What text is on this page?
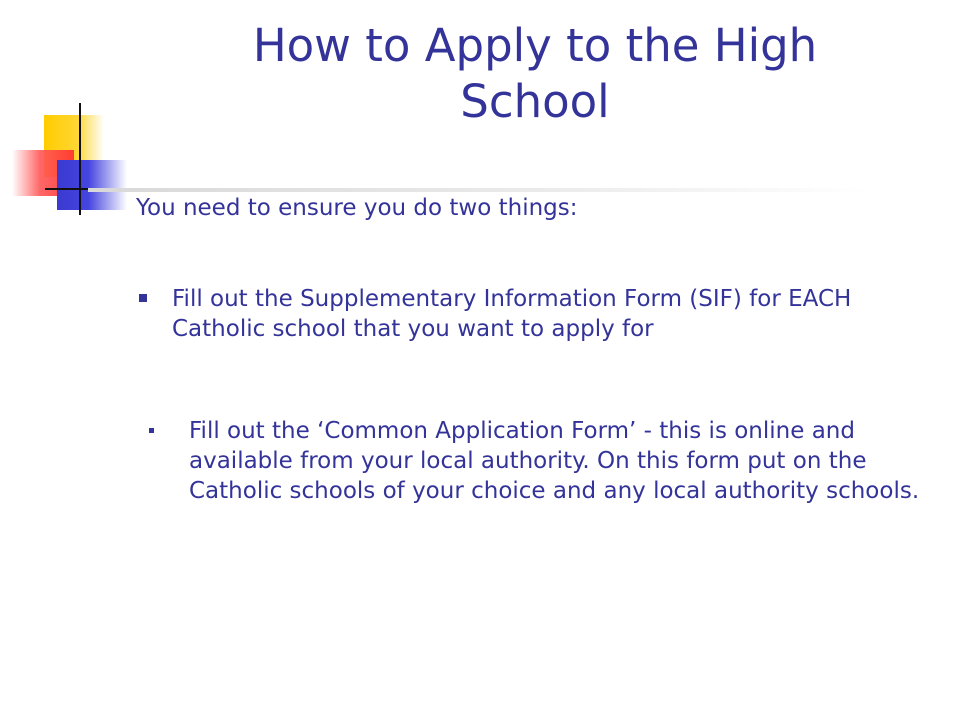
How to Apply to the High School

You need to ensure you do two things:

Fill out the Supplementary Information Form (SIF) for EACH Catholic school that you want to apply for
Fill out the ‘Common Application Form’ - this is online and available from your local authority. On this form put on the Catholic schools of your choice and any local authority schools.
